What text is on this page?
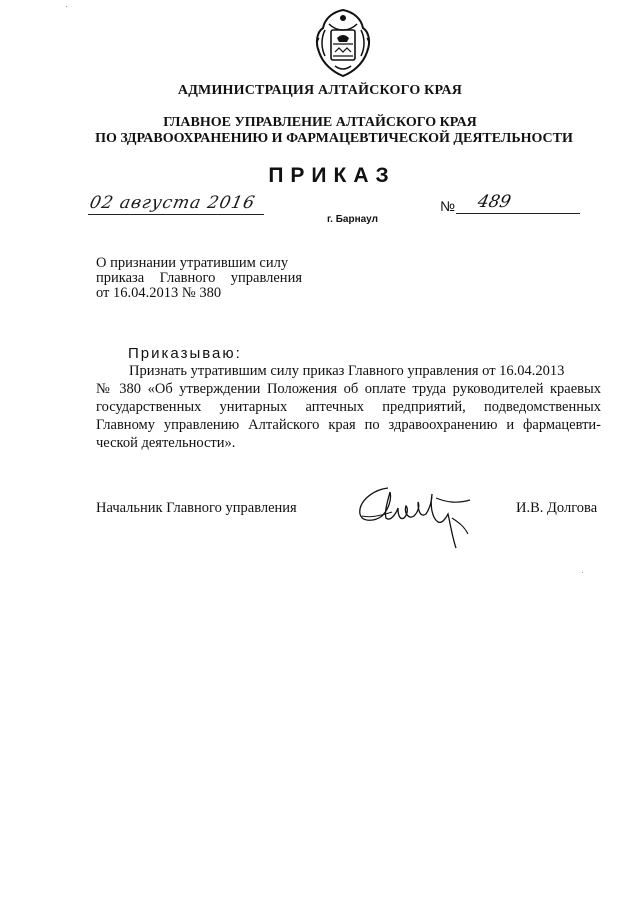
АДМИНИСТРАЦИЯ АЛТАЙСКОГО КРАЯ
ГЛАВНОЕ УПРАВЛЕНИЕ АЛТАЙСКОГО КРАЯ
ПО ЗДРАВООХРАНЕНИЮ И ФАРМАЦЕВТИЧЕСКОЙ ДЕЯТЕЛЬНОСТИ
ПРИКАЗ
02 августа 2016
г. Барнаул
№ 489
О признании утратившим силу
приказа Главного управления
от 16.04.2013 № 380
Приказываю:
Признать утратившим силу приказ Главного управления от 16.04.2013
№ 380 «Об утверждении Положения об оплате труда руководителей краевых
государственных унитарных аптечных предприятий, подведомственных
Главному управлению Алтайского края по здравоохранению и фармацевти-
ческой деятельности».
Начальник Главного управления	И.В. Долгова
